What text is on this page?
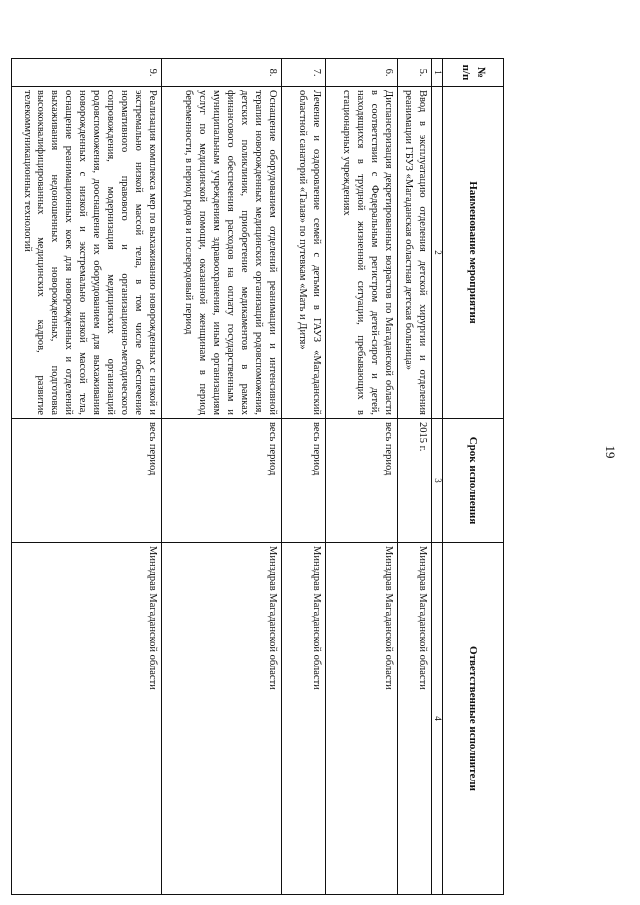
19
№ п/п	Наименование мероприятия	Срок исполнения	Ответственные исполнители
1	2	3	4
5.	Ввод в эксплуатацию отделения детской хирургии и отделения реанимации ГБУЗ «Магаданская областная детская больница»	2015 г.	Минздрав Магаданской области
6.	Диспансеризация декретированных возрастов по Магаданской области в соответствии с Федеральным регистром детей-сирот и детей, находящихся в трудной жизненной ситуации, пребывающих в стационарных учреждениях	весь период	Минздрав Магаданской области
7.	Лечение и оздоровление семей с детьми в ГАУЗ «Магаданский областной санаторий «Талая» по путевкам «Мать и Дитя»	весь период	Минздрав Магаданской области
8.	Оснащение оборудованием отделений реанимации и интенсивной терапии новорожденных медицинских организаций родовспоможения, детских поликлиник, приобретение медикаментов в рамках финансового обеспечения расходов на оплату государственным и муниципальным учреждениям здравоохранения, иным организациям услуг по медицинской помощи, оказанной женщинам в период беременности, в период родов и послеродовый период	весь период	Минздрав Магаданской области
9.	Реализация комплекса мер по выхаживанию новорожденных с низкой и экстремально низкой массой тела, в том числе обеспечение нормативного правового и организационно-методического сопровождения, модернизация медицинских организаций родовспоможения, дооснащение их оборудованием для выхаживания новорожденных с низкой и экстремально низкой массой тела, оснащение реанимационных коек для новорожденных и отделений выхаживания недоношенных новорожденных, подготовка высококвалифицированных медицинских кадров, развитие телекоммуникационных технологий	весь период	Минздрав Магаданской области
